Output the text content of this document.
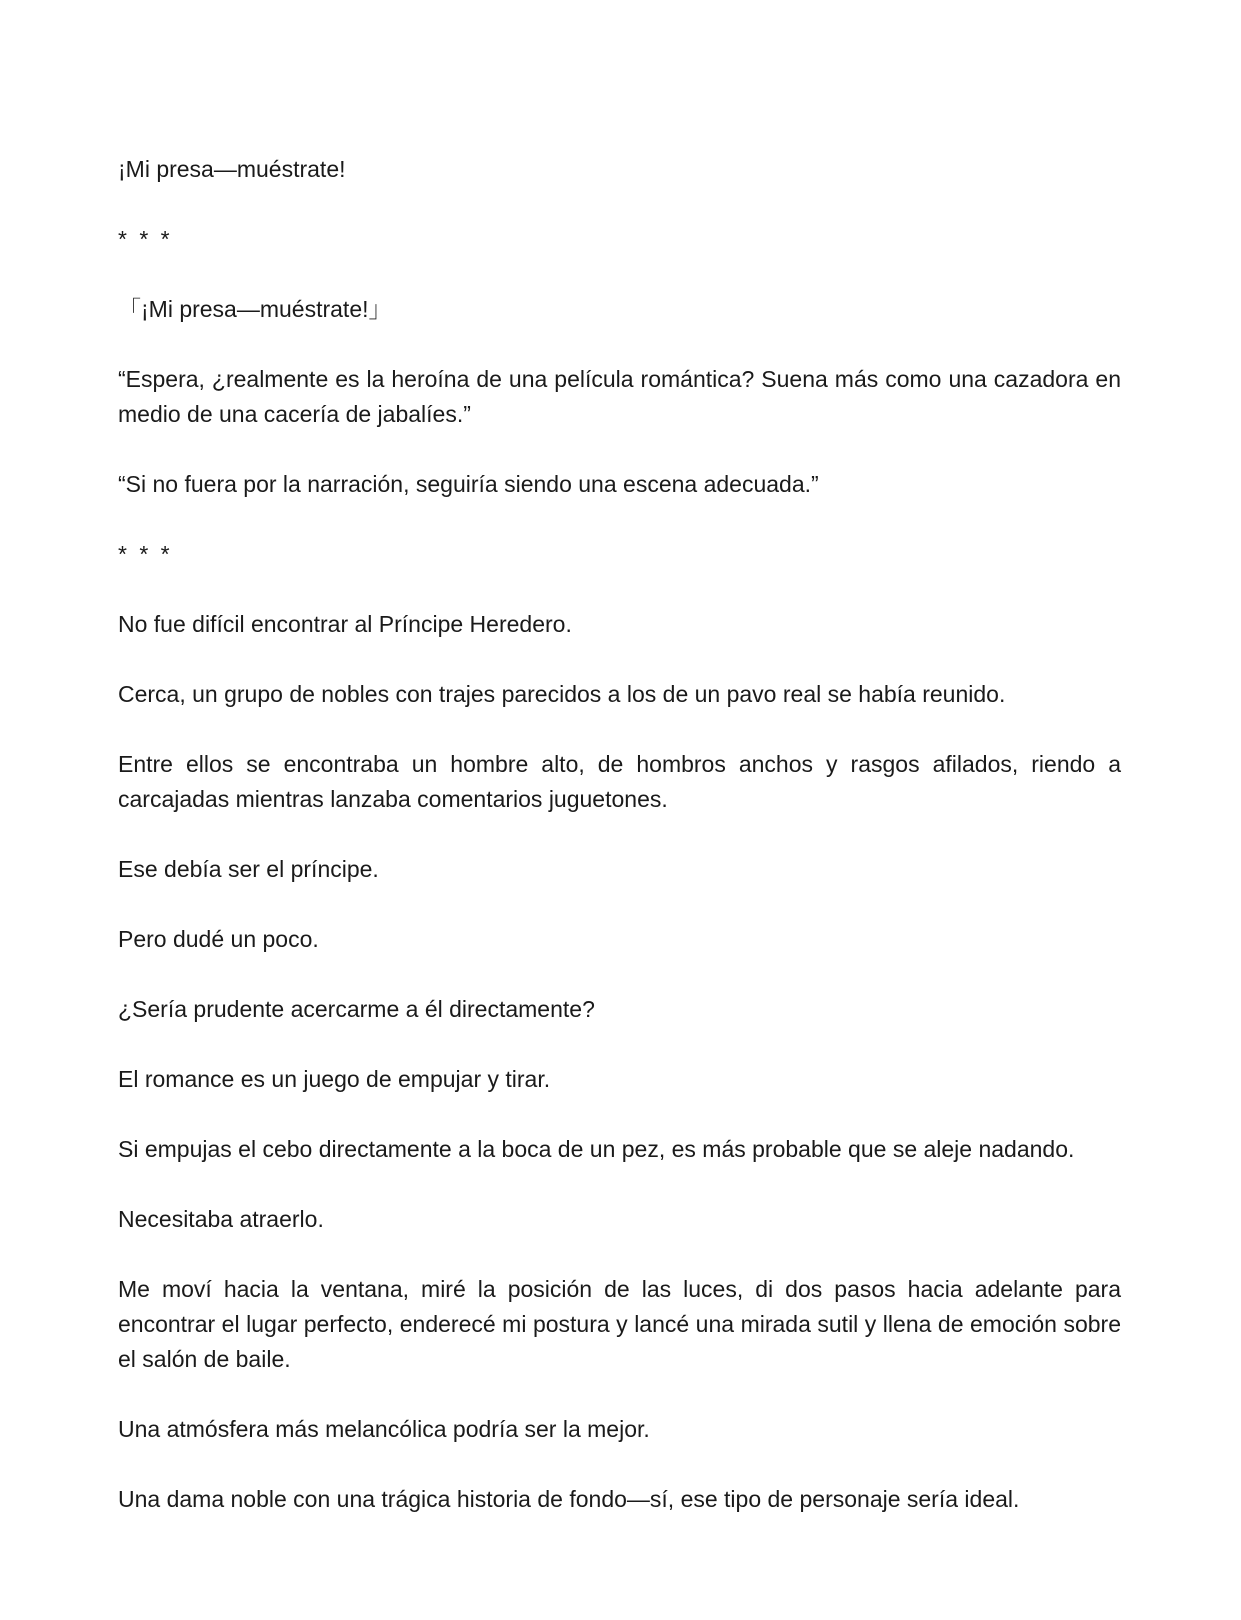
¡Mi presa—muéstrate!

* * *

「¡Mi presa—muéstrate!」

“Espera, ¿realmente es la heroína de una película romántica? Suena más como una cazadora en medio de una cacería de jabalíes.”

“Si no fuera por la narración, seguiría siendo una escena adecuada.”

* * *

No fue difícil encontrar al Príncipe Heredero.

Cerca, un grupo de nobles con trajes parecidos a los de un pavo real se había reunido.

Entre ellos se encontraba un hombre alto, de hombros anchos y rasgos afilados, riendo a carcajadas mientras lanzaba comentarios juguetones.

Ese debía ser el príncipe.

Pero dudé un poco.

¿Sería prudente acercarme a él directamente?

El romance es un juego de empujar y tirar.

Si empujas el cebo directamente a la boca de un pez, es más probable que se aleje nadando.

Necesitaba atraerlo.

Me moví hacia la ventana, miré la posición de las luces, di dos pasos hacia adelante para encontrar el lugar perfecto, enderecé mi postura y lancé una mirada sutil y llena de emoción sobre el salón de baile.

Una atmósfera más melancólica podría ser la mejor.

Una dama noble con una trágica historia de fondo—sí, ese tipo de personaje sería ideal.
